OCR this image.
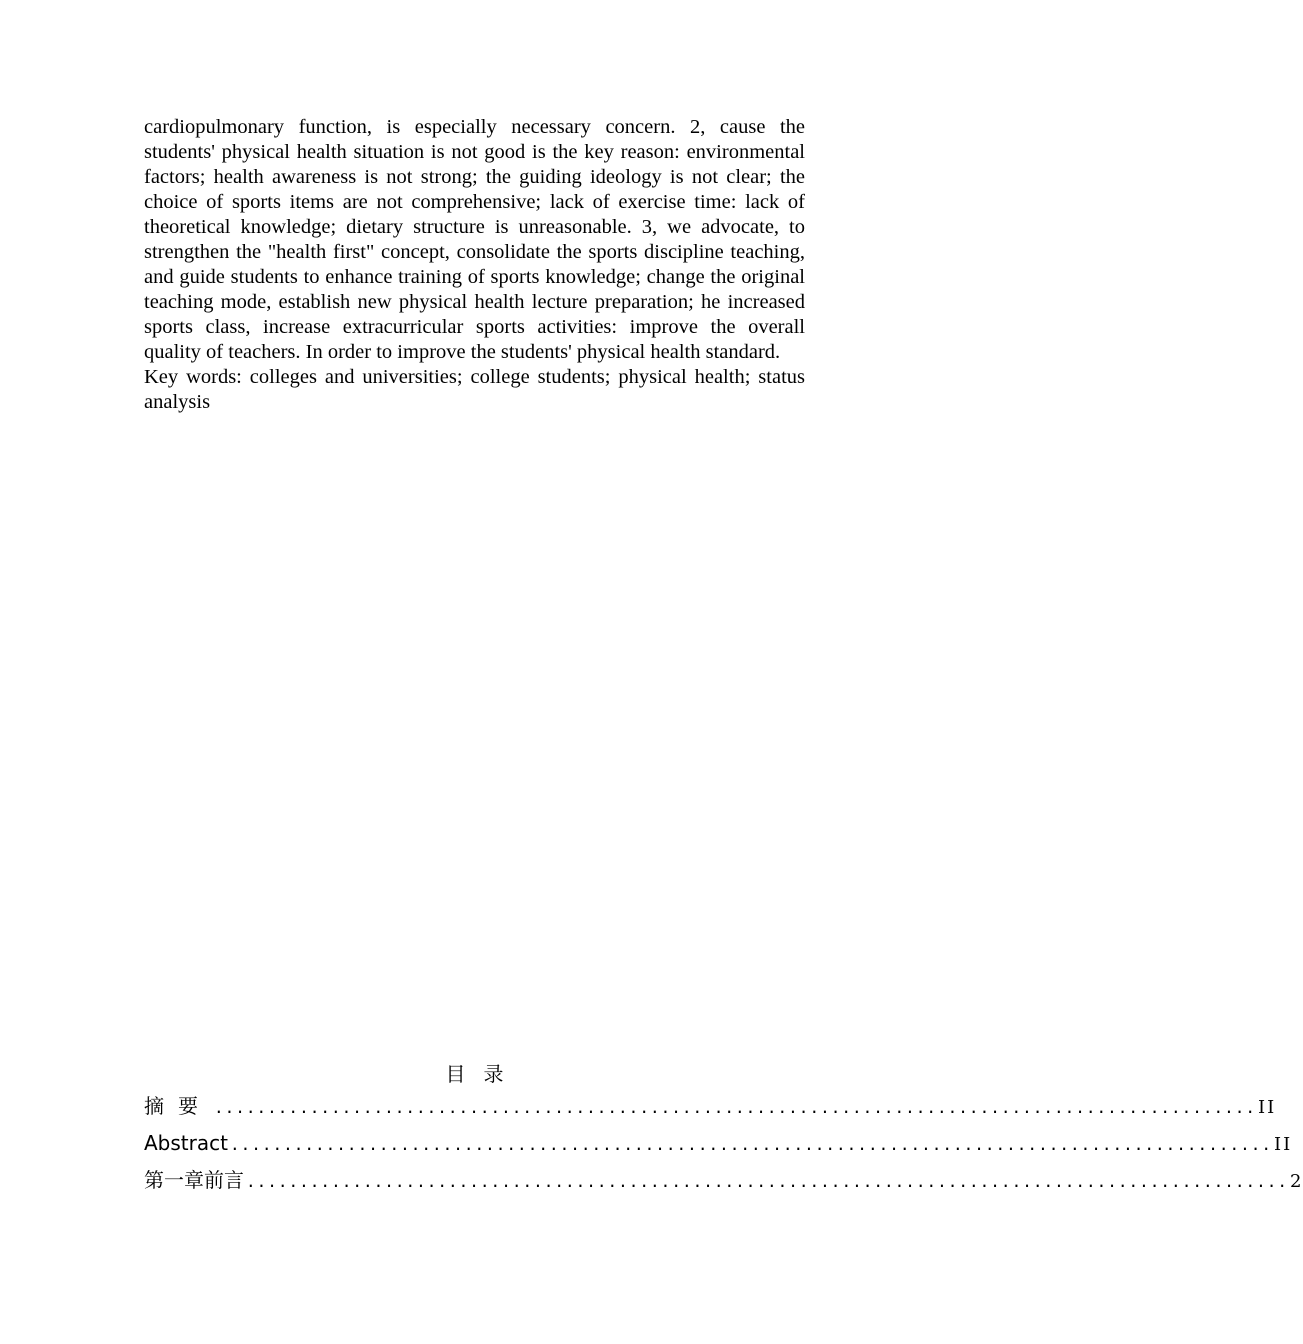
cardiopulmonary function, is especially necessary concern. 2, cause the students' physical health situation is not good is the key reason: environmental factors; health awareness is not strong; the guiding ideology is not clear; the choice of sports items are not comprehensive; lack of exercise time: lack of theoretical knowledge; dietary structure is unreasonable. 3, we advocate, to strengthen the "health first" concept, consolidate the sports discipline teaching, and guide students to enhance training of sports knowledge; change the original teaching mode, establish new physical health lecture preparation; he increased sports class, increase extracurricular sports activities: improve the overall quality of teachers. In order to improve the students' physical health standard.

Key words: colleges and universities; college students; physical health; status analysis

目录
摘要 .................................................................................................. II
Abstract .................................................................................................. II
第一章前言 .................................................................................................. 2
